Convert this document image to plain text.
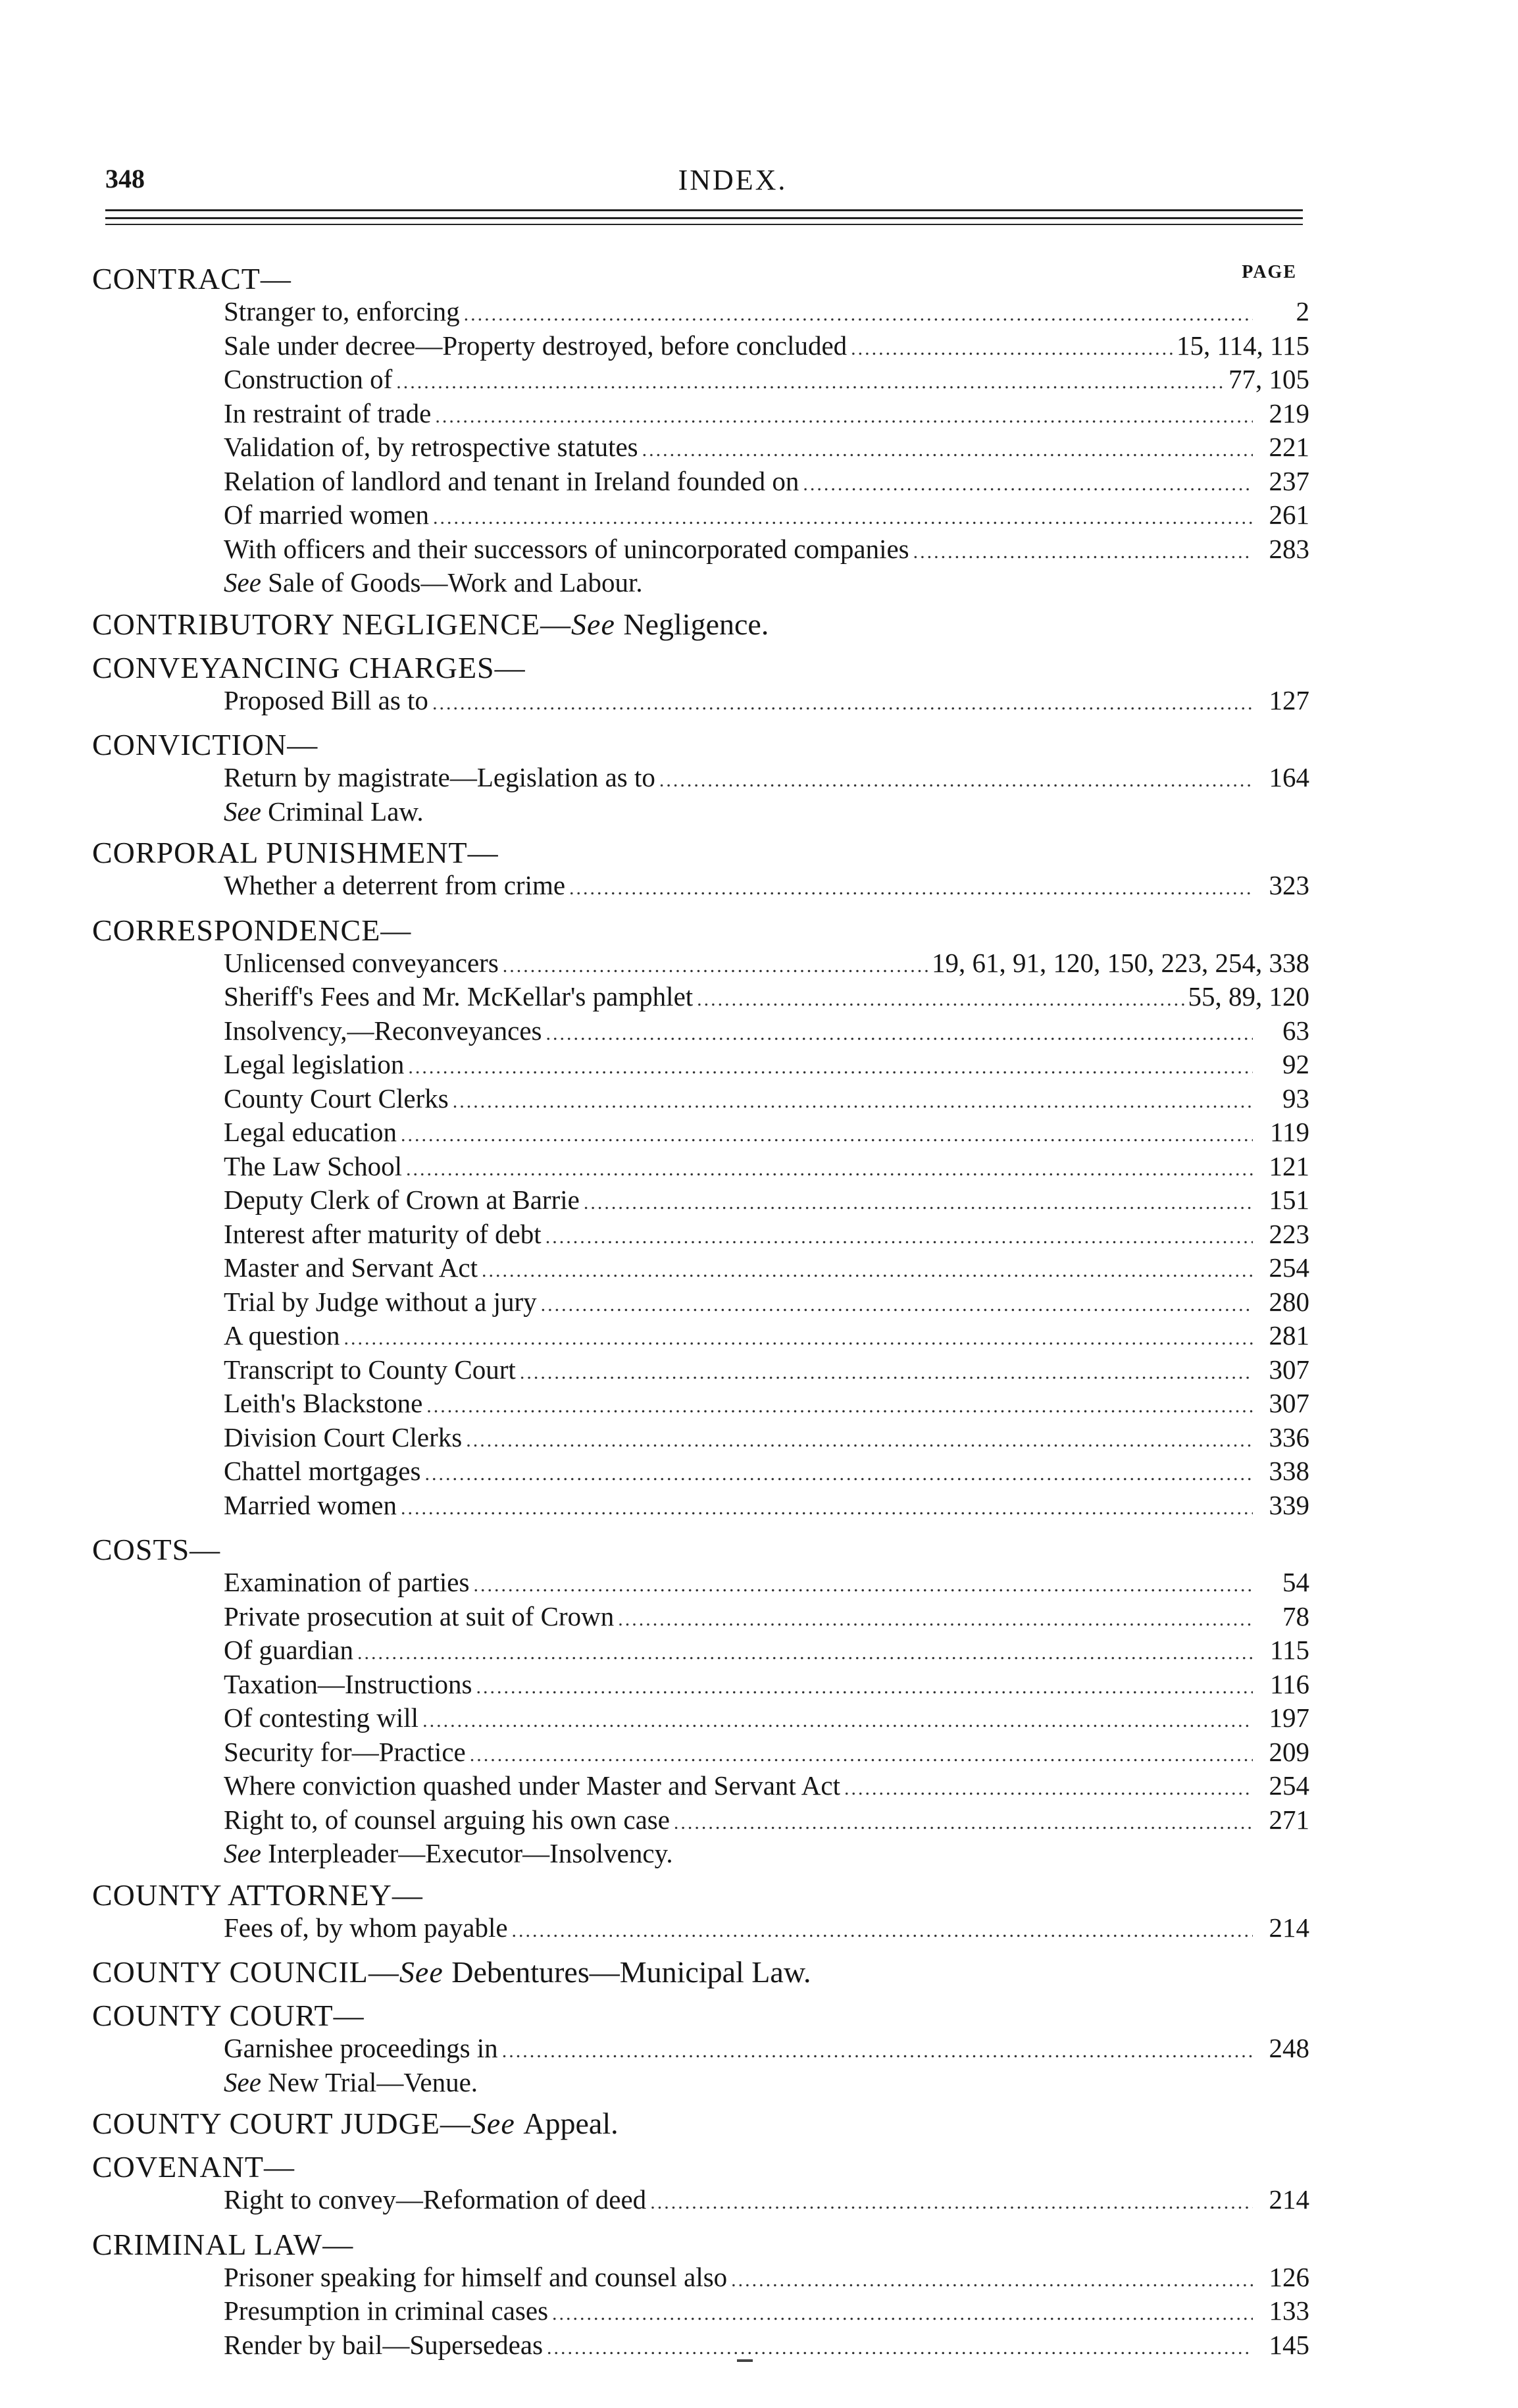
348	INDEX.
PAGE
CONTRACT—
Stranger to, enforcing .....	2
Sale under decree—Property destroyed, before concluded .....	15, 114, 115
Construction of .....	77, 105
In restraint of trade .....	219
Validation of, by retrospective statutes .....	221
Relation of landlord and tenant in Ireland founded on .....	237
Of married women .....	261
With officers and their successors of unincorporated companies .....	283
See Sale of Goods—Work and Labour.
CONTRIBUTORY NEGLIGENCE—See Negligence.
CONVEYANCING CHARGES—
Proposed Bill as to .....	127
CONVICTION—
Return by magistrate—Legislation as to .....	164
See Criminal Law.
CORPORAL PUNISHMENT—
Whether a deterrent from crime .....	323
CORRESPONDENCE—
Unlicensed conveyancers .....	19, 61, 91, 120, 150, 223, 254, 338
Sheriff's Fees and Mr. McKellar's pamphlet .....	55, 89, 120
Insolvency,—Reconveyances .....	63
Legal legislation .....	92
County Court Clerks .....	93
Legal education .....	119
The Law School .....	121
Deputy Clerk of Crown at Barrie .....	151
Interest after maturity of debt .....	223
Master and Servant Act .....	254
Trial by Judge without a jury .....	280
A question .....	281
Transcript to County Court .....	307
Leith's Blackstone .....	307
Division Court Clerks .....	336
Chattel mortgages .....	338
Married women .....	339
COSTS—
Examination of parties .....	54
Private prosecution at suit of Crown .....	78
Of guardian .....	115
Taxation—Instructions .....	116
Of contesting will .....	197
Security for—Practice .....	209
Where conviction quashed under Master and Servant Act .....	254
Right to, of counsel arguing his own case .....	271
See Interpleader—Executor—Insolvency.
COUNTY ATTORNEY—
Fees of, by whom payable .....	214
COUNTY COUNCIL—See Debentures—Municipal Law.
COUNTY COURT—
Garnishee proceedings in .....	248
See New Trial—Venue.
COUNTY COURT JUDGE—See Appeal.
COVENANT—
Right to convey—Reformation of deed .....	214
CRIMINAL LAW—
Prisoner speaking for himself and counsel also .....	126
Presumption in criminal cases .....	133
Render by bail—Supersedeas .....	145
